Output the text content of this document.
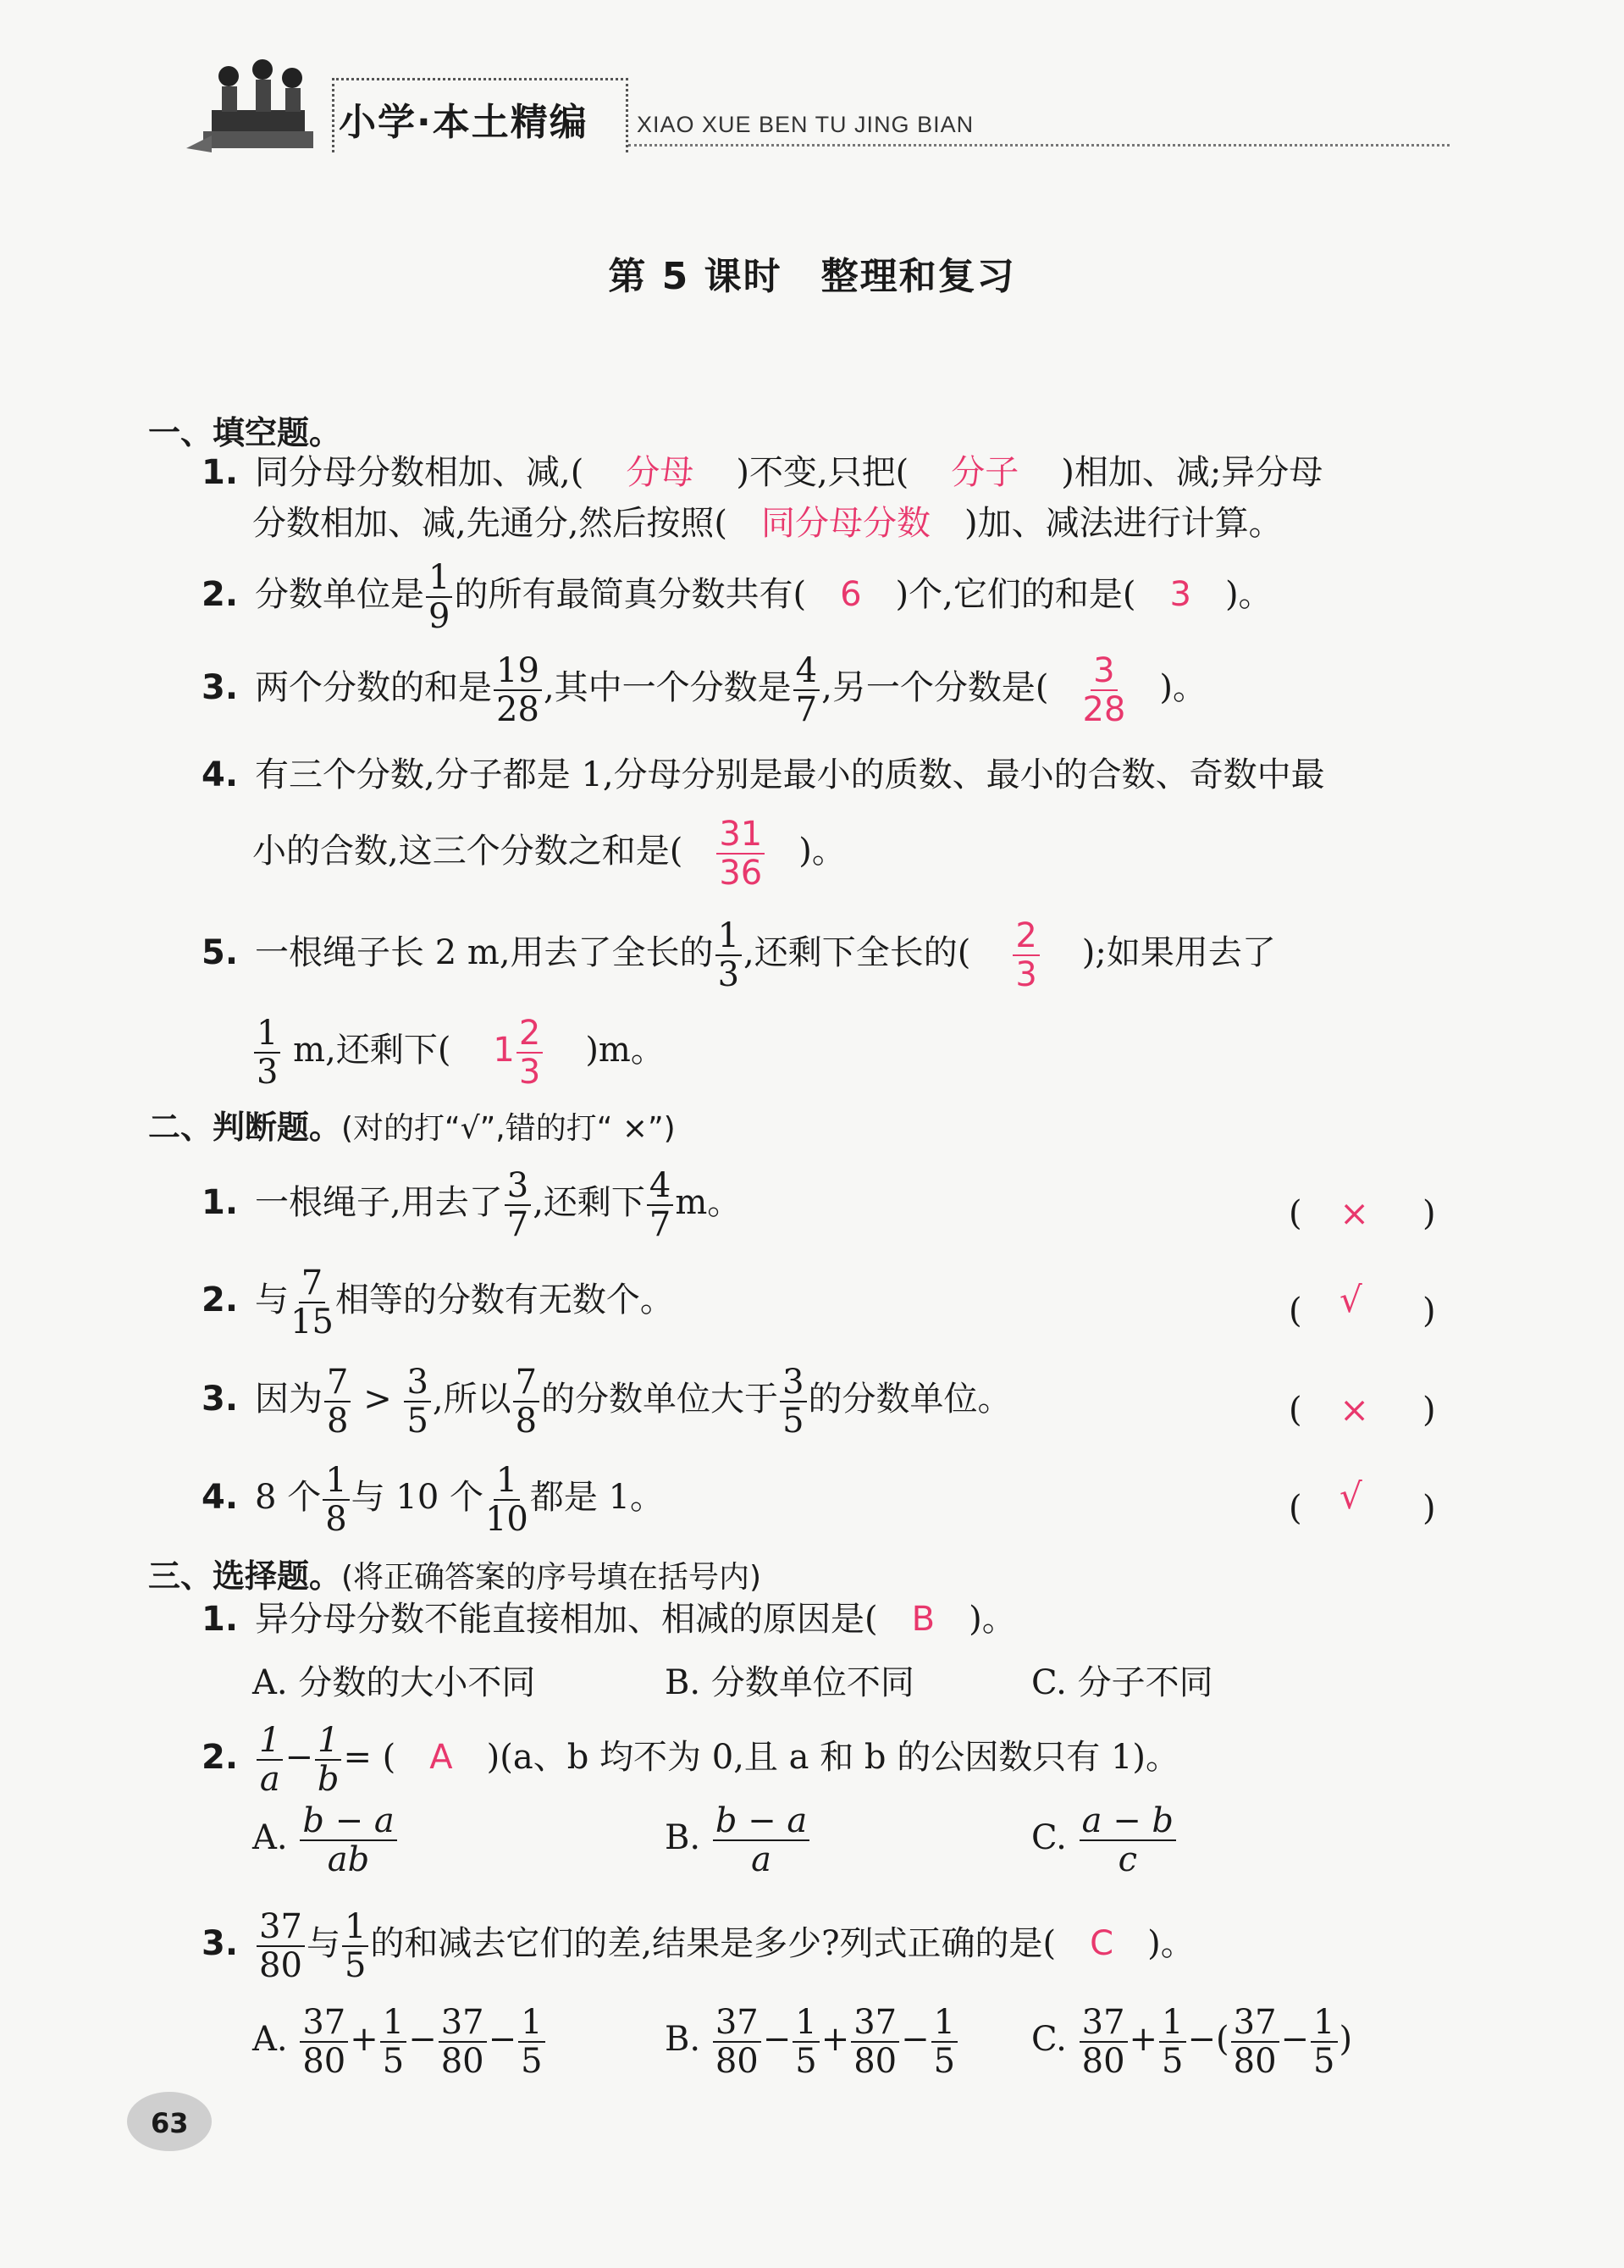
小学·本土精编 XIAO XUE BEN TU JING BIAN
第 5 课时　整理和复习
一、填空题。
1. 同分母分数相加、减,( 分母 )不变,只把( 分子 )相加、减;异分母
分数相加、减,先通分,然后按照( 同分母分数 )加、减法进行计算。
2. 分数单位是 $\frac{1}{9}$ 的所有最简真分数共有( 6 )个,它们的和是( 3 )。
3. 两个分数的和是 $\frac{19}{28}$ ,其中一个分数是 $\frac{4}{7}$ ,另一个分数是( $\frac{3}{28}$ )。
4. 有三个分数,分子都是 1,分母分别是最小的质数、最小的合数、奇数中最
小的合数,这三个分数之和是( $\frac{31}{36}$ )。
5. 一根绳子长 2 m,用去了全长的 $\frac{1}{3}$ ,还剩下全长的( $\frac{2}{3}$ );如果用去了
$\frac{1}{3} m$,还剩下( $1 \frac{2}{3} )m$。
二、判断题。(对的打“√”,错的打“ ×”)
1. 一根绳子,用去了 $\frac{3}{7}$ ,还剩下 $\frac{4}{7}$ m。	( × )
2. 与 $\frac{7}{15}$ 相等的分数有无数个。	( √ )
3. 因为 $\frac{7}{8} > \frac{3}{5}$ ,所以 $\frac{7}{8}$ 的分数单位大于 $\frac{3}{5}$ 的分数单位。	( × )
4. 8 个 $\frac{1}{8}$ 与 10 个 $\frac{1}{10}$ 都是 1。	( √ )
三、选择题。(将正确答案的序号填在括号内)
1. 异分母分数不能直接相加、相减的原因是( B )。
A. 分数的大小不同	B. 分数单位不同	C. 分子不同
2. $\frac{1}{a} - \frac{1}{b}$ = ( A )(a、b 均不为 0,且 a 和 b 的公因数只有 1)。
A. $\frac{b - a}{ab}$	B. $\frac{b - a}{a}$	C. $\frac{a - b}{c}$
3. $\frac{37}{80}$ 与 $\frac{1}{5}$ 的和减去它们的差,结果是多少?列式正确的是( C )。
A. $\frac{37}{80} + \frac{1}{5} - \frac{37}{80} - \frac{1}{5}$	B. $\frac{37}{80} - \frac{1}{5} + \frac{37}{80} - \frac{1}{5} C$. $\frac{37}{80} + \frac{1}{5}$ −( $\frac{37}{80} - \frac{1}{5}$ )
63
